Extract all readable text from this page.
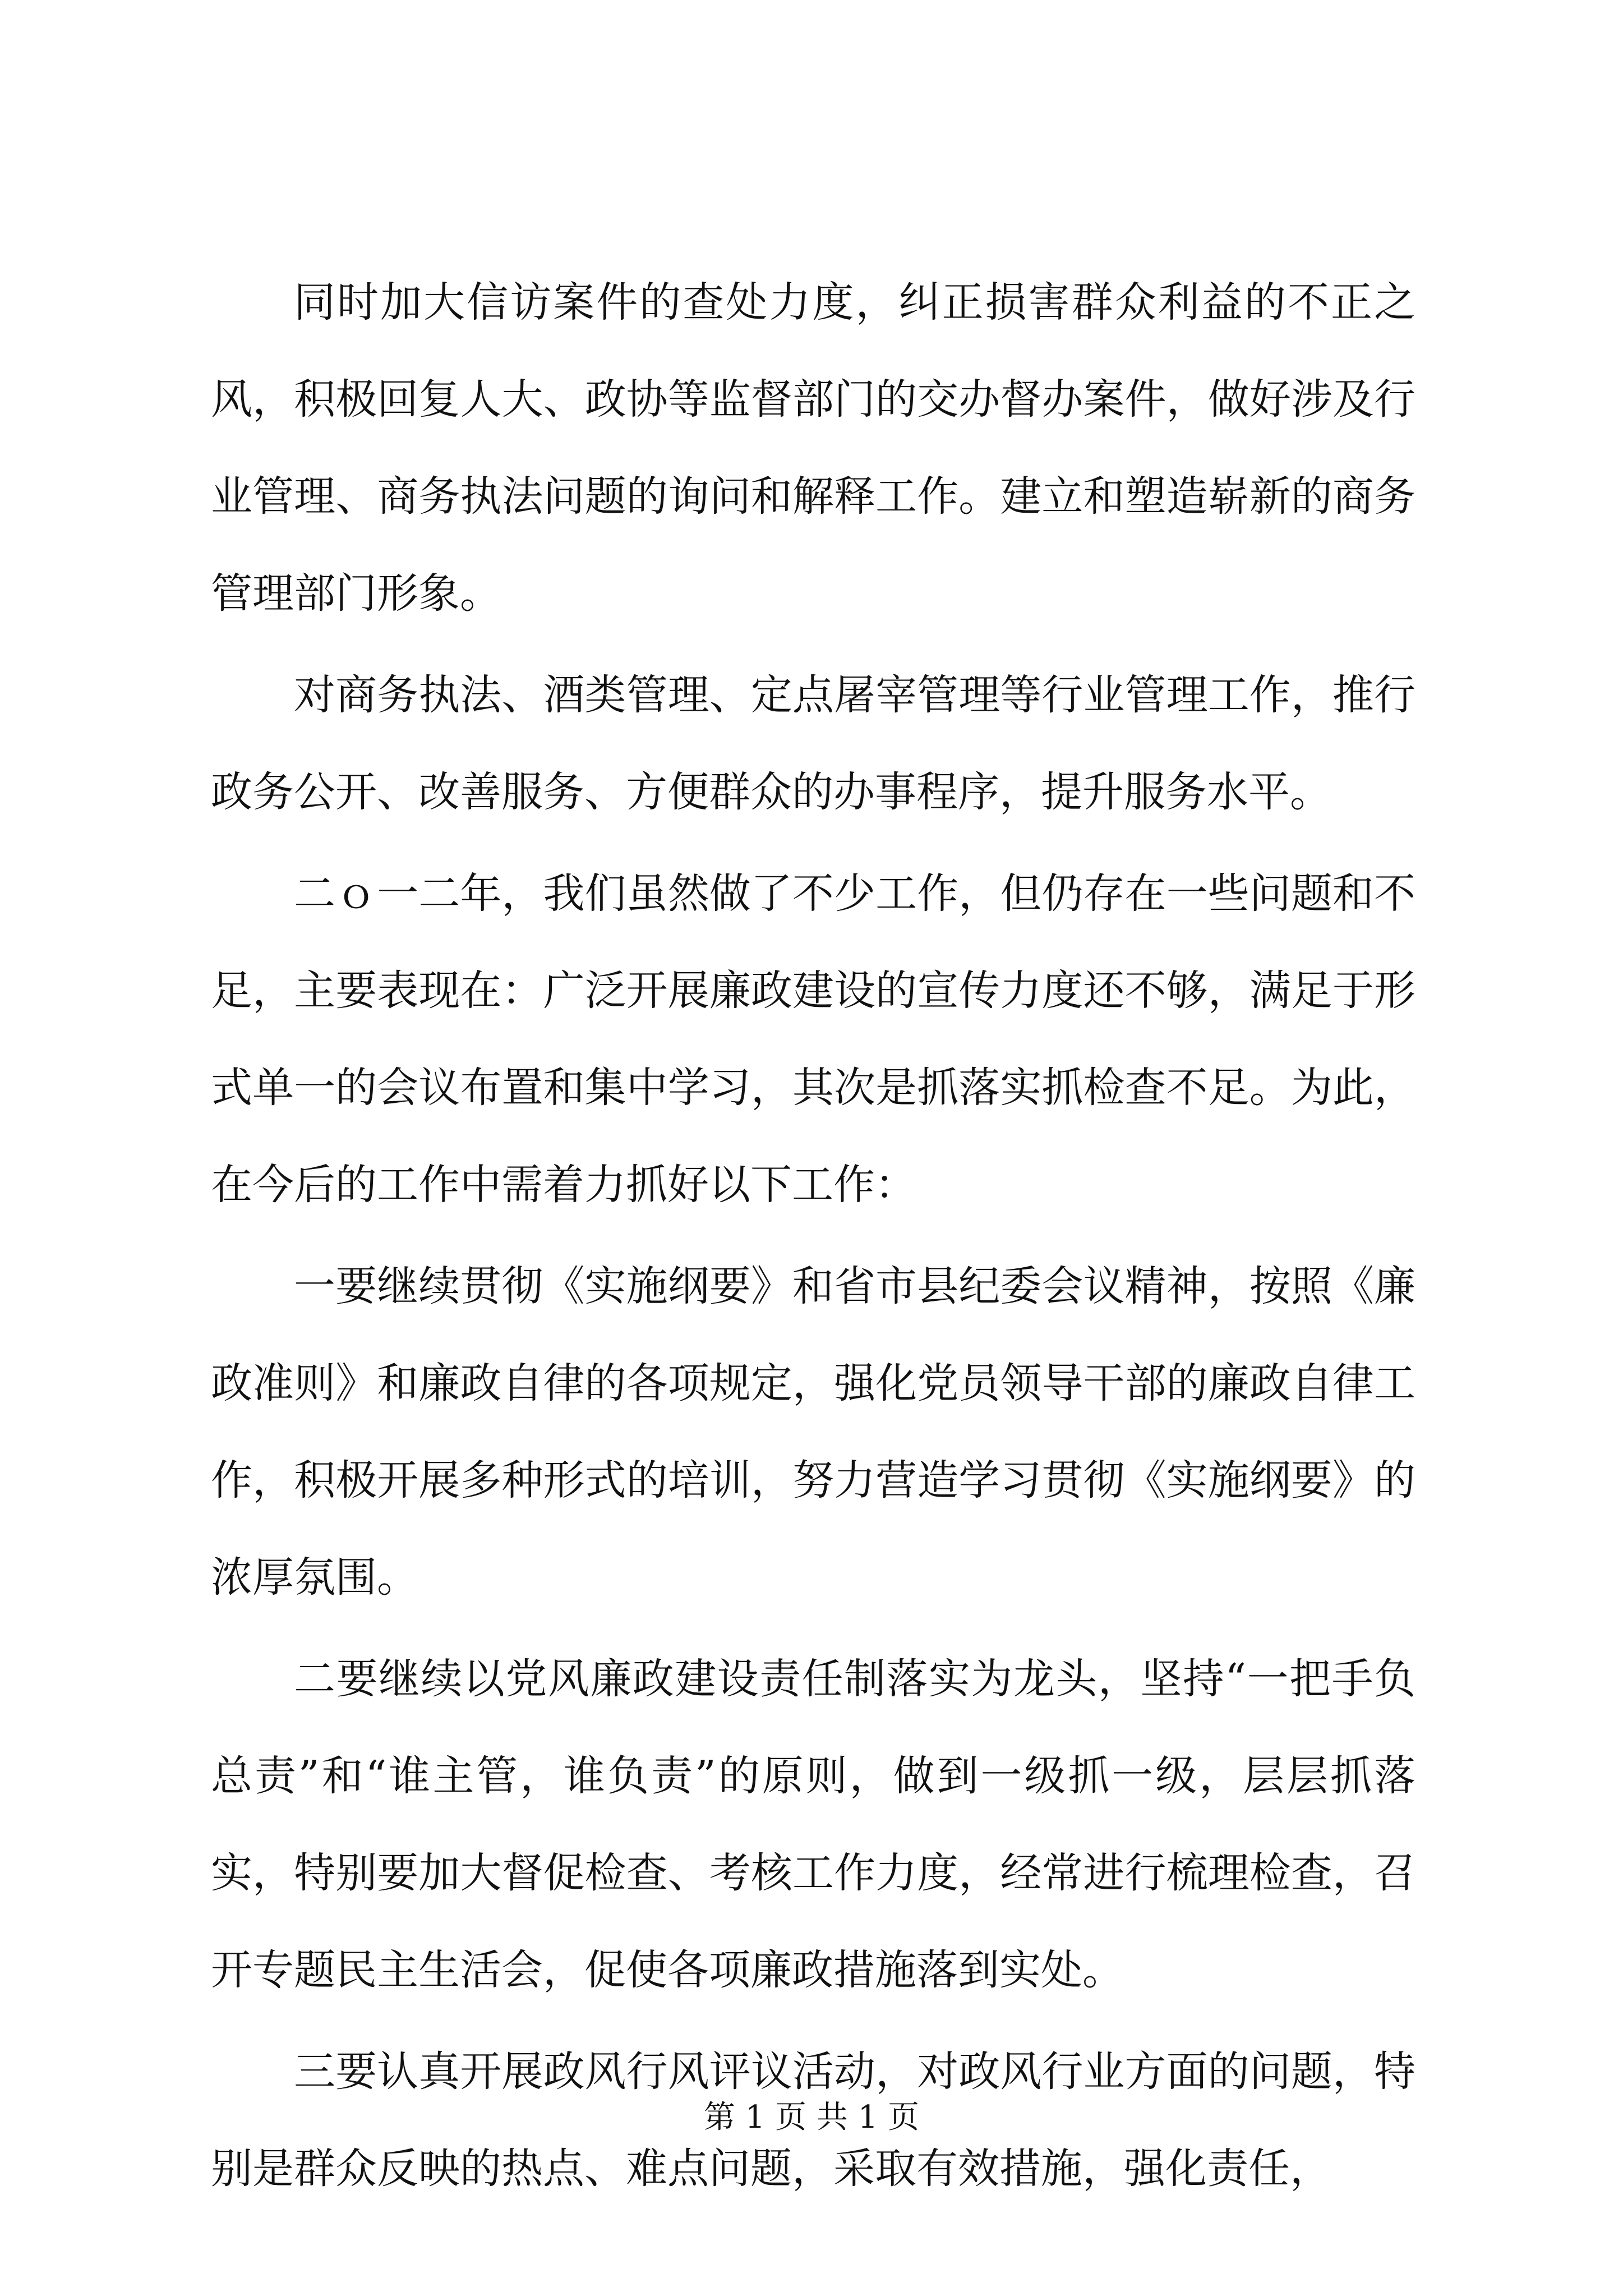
同时加大信访案件的查处力度，纠正损害群众利益的不正之风，积极回复人大、政协等监督部门的交办督办案件，做好涉及行业管理、商务执法问题的询问和解释工作。建立和塑造崭新的商务管理部门形象。

对商务执法、酒类管理、定点屠宰管理等行业管理工作，推行政务公开、改善服务、方便群众的办事程序，提升服务水平。

二ｏ一二年，我们虽然做了不少工作，但仍存在一些问题和不足，主要表现在：广泛开展廉政建设的宣传力度还不够，满足于形式单一的会议布置和集中学习，其次是抓落实抓检查不足。为此，在今后的工作中需着力抓好以下工作：

一要继续贯彻《实施纲要》和省市县纪委会议精神，按照《廉政准则》和廉政自律的各项规定，强化党员领导干部的廉政自律工作，积极开展多种形式的培训，努力营造学习贯彻《实施纲要》的浓厚氛围。

二要继续以党风廉政建设责任制落实为龙头，坚持“一把手负总责”和“谁主管，谁负责”的原则，做到一级抓一级，层层抓落实，特别要加大督促检查、考核工作力度，经常进行梳理检查，召开专题民主生活会，促使各项廉政措施落到实处。

三要认真开展政风行风评议活动，对政风行业方面的问题，特别是群众反映的热点、难点问题，采取有效措施，强化责任，

第 1 页 共 1 页
